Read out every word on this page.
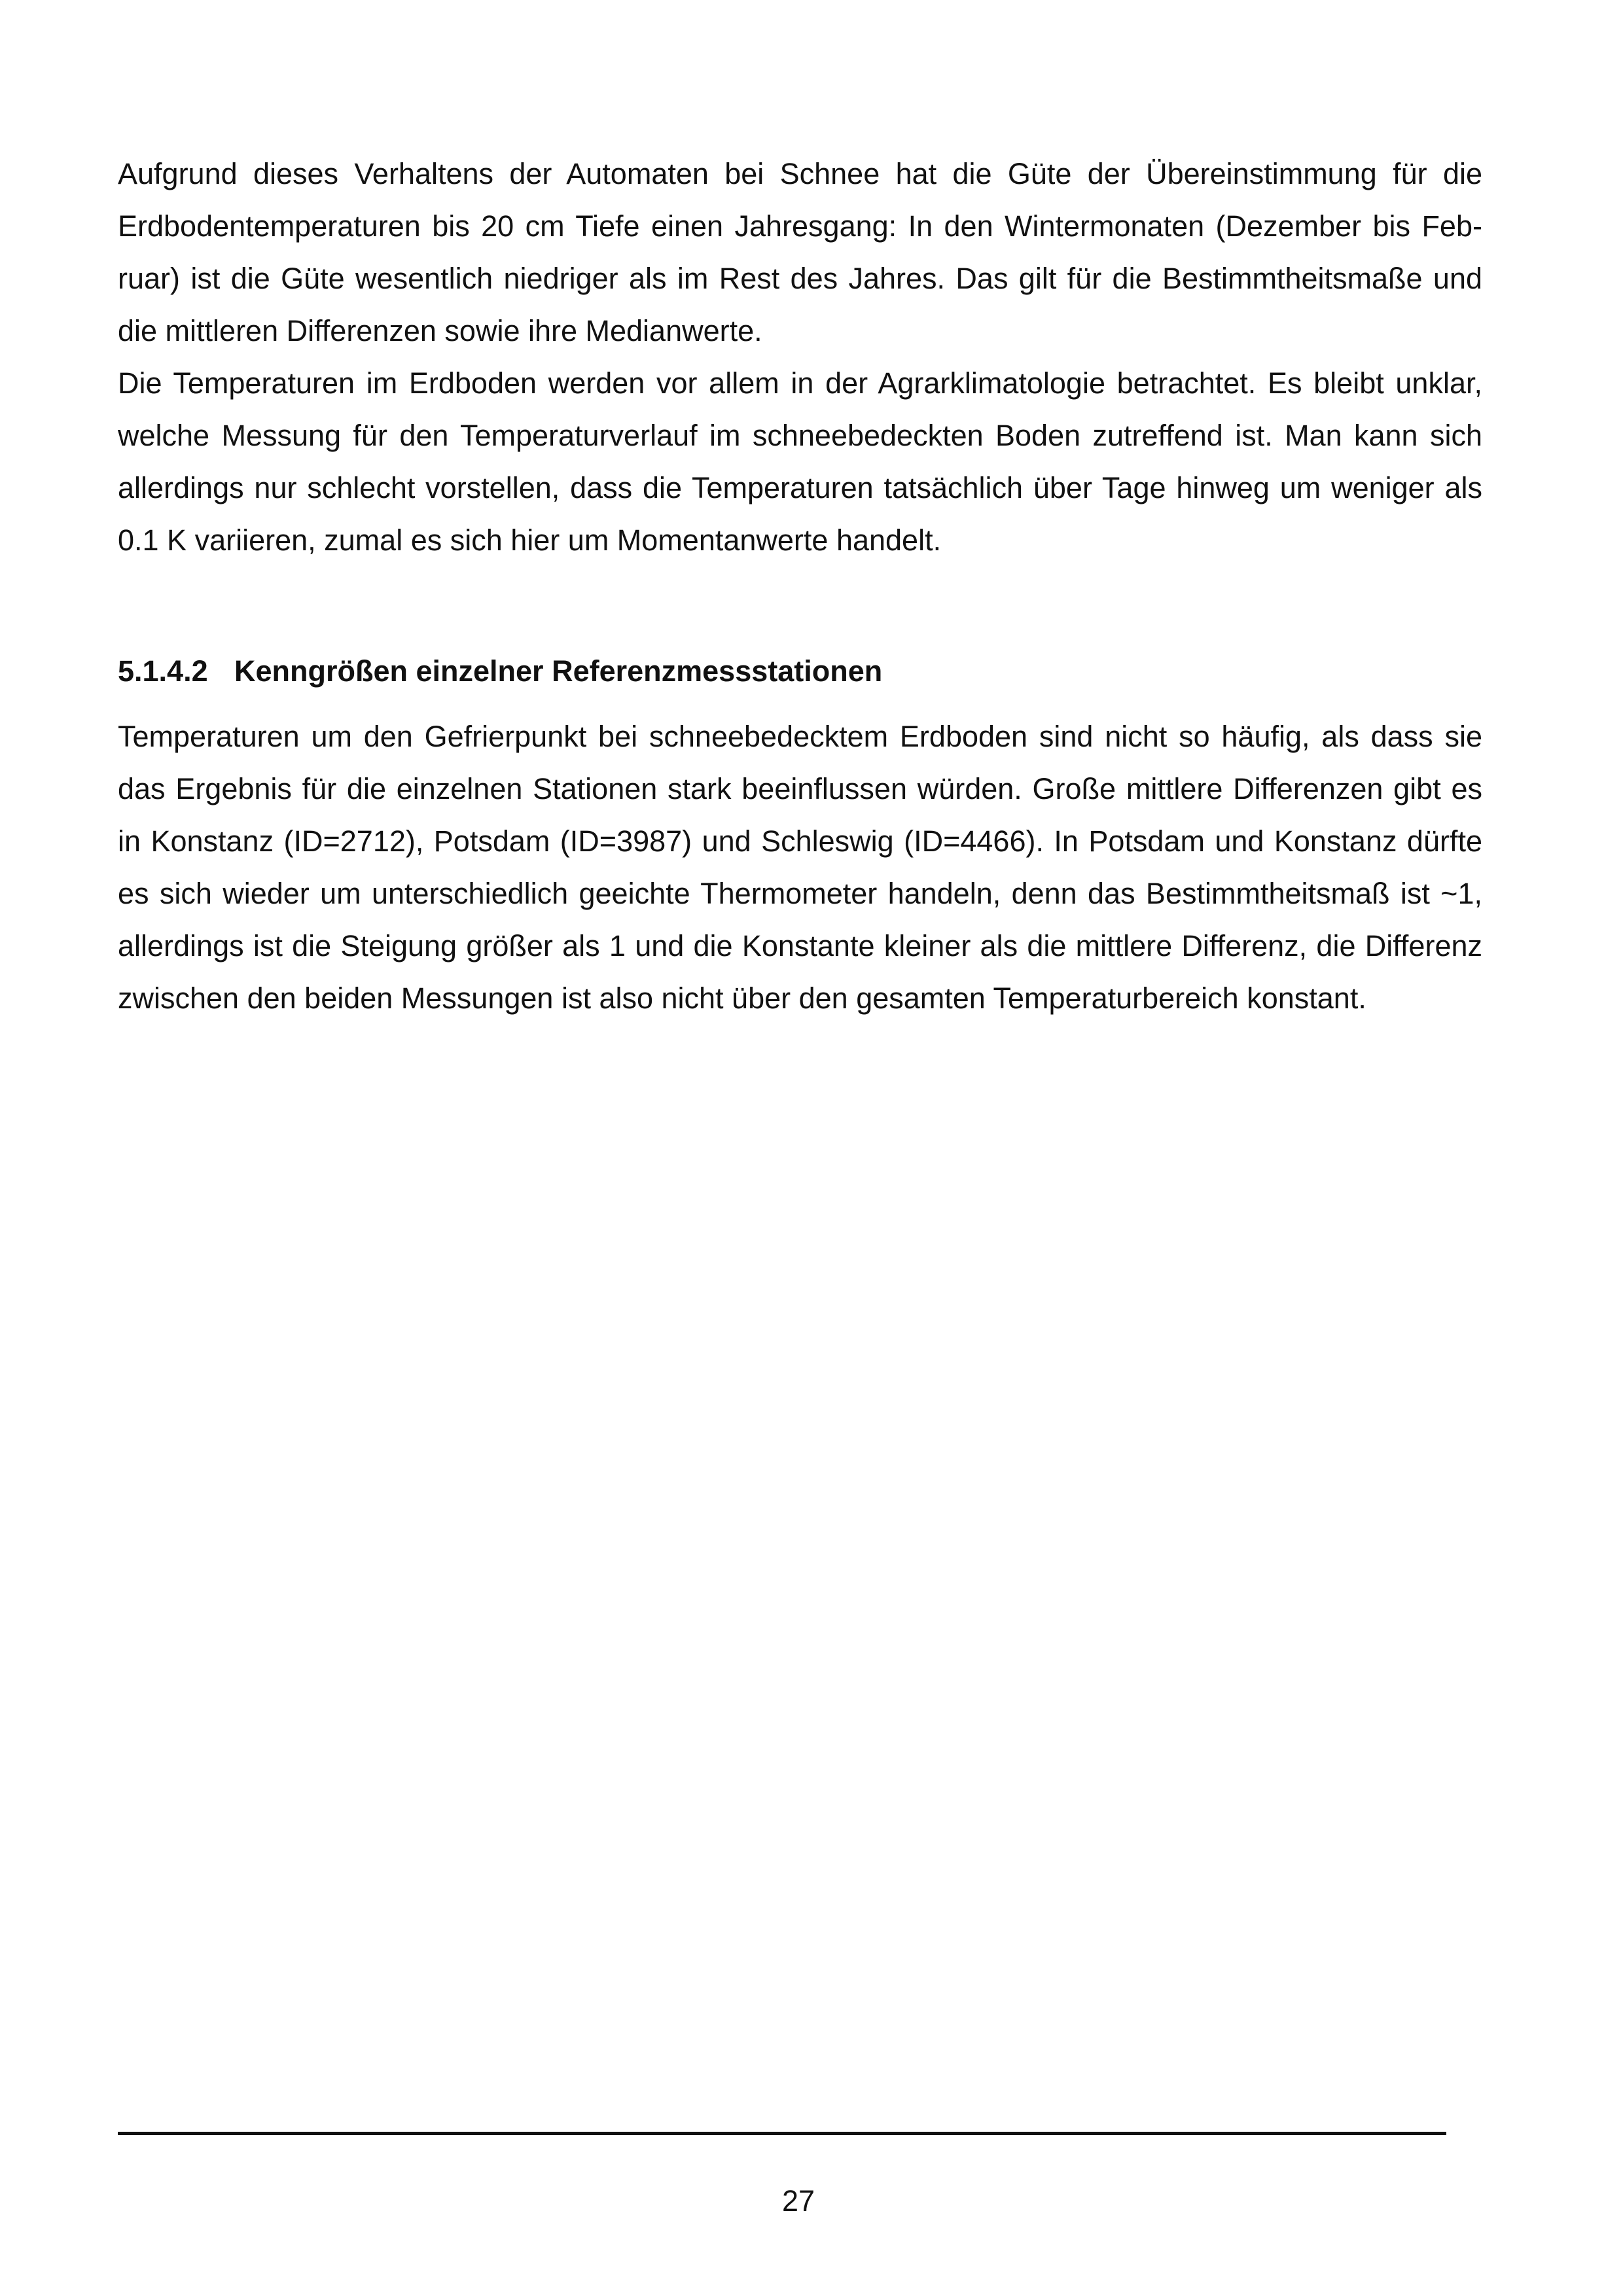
Aufgrund dieses Verhaltens der Automaten bei Schnee hat die Güte der Übereinstimmung für die Erdbodentemperaturen bis 20 cm Tiefe einen Jahresgang: In den Wintermonaten (Dezember bis Februar) ist die Güte wesentlich niedriger als im Rest des Jahres. Das gilt für die Bestimmtheitsmaße und die mittleren Differenzen sowie ihre Medianwerte.

Die Temperaturen im Erdboden werden vor allem in der Agrarklimatologie betrachtet. Es bleibt unklar, welche Messung für den Temperaturverlauf im schneebedeckten Boden zutreffend ist. Man kann sich allerdings nur schlecht vorstellen, dass die Temperaturen tatsächlich über Tage hinweg um weniger als 0.1 K variieren, zumal es sich hier um Momentanwerte handelt.

5.1.4.2 Kenngrößen einzelner Referenzmessstationen

Temperaturen um den Gefrierpunkt bei schneebedecktem Erdboden sind nicht so häufig, als dass sie das Ergebnis für die einzelnen Stationen stark beeinflussen würden. Große mittlere Differenzen gibt es in Konstanz (ID=2712), Potsdam (ID=3987) und Schleswig (ID=4466). In Potsdam und Konstanz dürfte es sich wieder um unterschiedlich geeichte Thermometer handeln, denn das Bestimmtheitsmaß ist ~1, allerdings ist die Steigung größer als 1 und die Konstante kleiner als die mittlere Differenz, die Differenz zwischen den beiden Messungen ist also nicht über den gesamten Temperaturbereich konstant.

27
